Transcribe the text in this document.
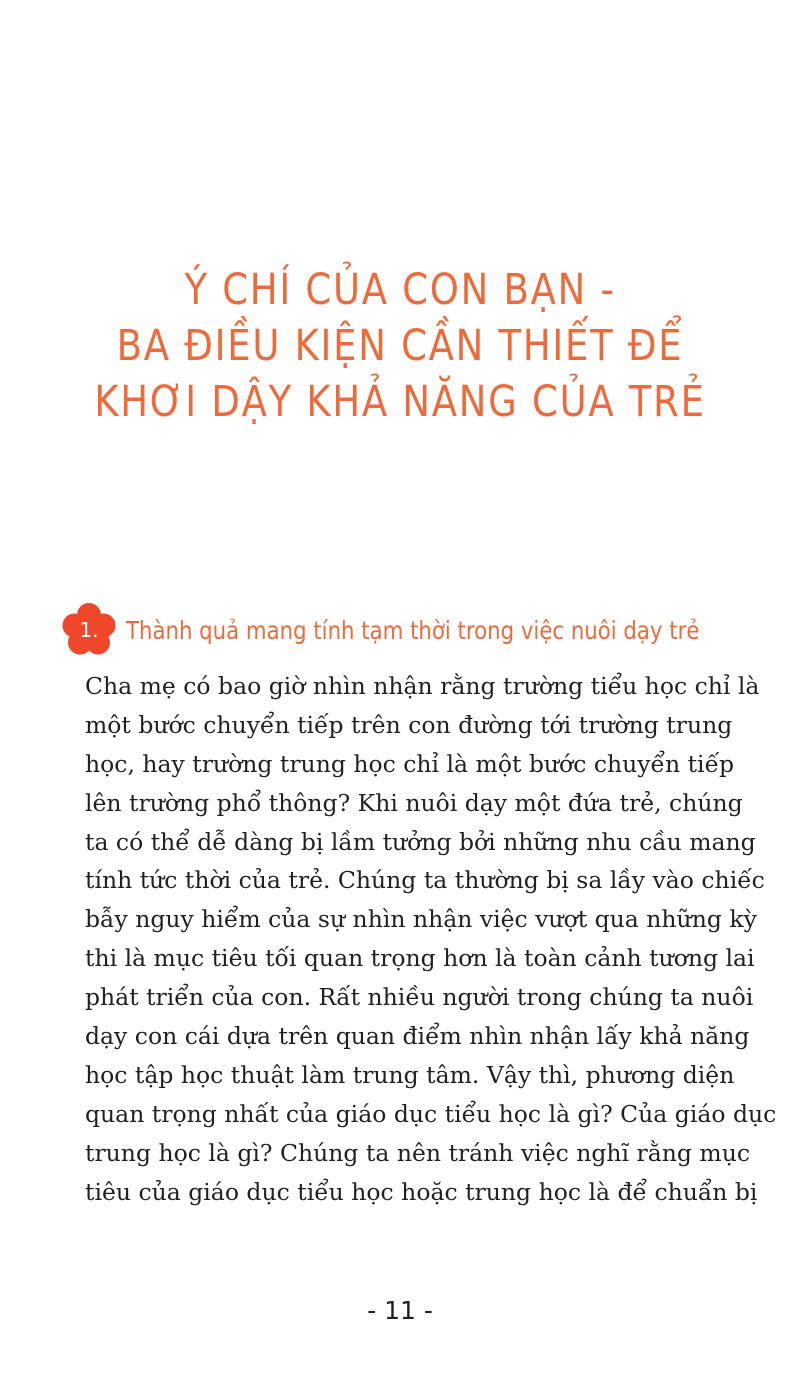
Ý CHÍ CỦA CON BẠN -
BA ĐIỀU KIỆN CẦN THIẾT ĐỂ
KHƠI DẬY KHẢ NĂNG CỦA TRẺ
1.	Thành quả mang tính tạm thời trong việc nuôi dạy trẻ
Cha mẹ có bao giờ nhìn nhận rằng trường tiểu học chỉ là
một bước chuyển tiếp trên con đường tới trường trung
học, hay trường trung học chỉ là một bước chuyển tiếp
lên trường phổ thông? Khi nuôi dạy một đứa trẻ, chúng
ta có thể dễ dàng bị lầm tưởng bởi những nhu cầu mang
tính tức thời của trẻ. Chúng ta thường bị sa lầy vào chiếc
bẫy nguy hiểm của sự nhìn nhận việc vượt qua những kỳ
thi là mục tiêu tối quan trọng hơn là toàn cảnh tương lai
phát triển của con. Rất nhiều người trong chúng ta nuôi
dạy con cái dựa trên quan điểm nhìn nhận lấy khả năng
học tập học thuật làm trung tâm. Vậy thì, phương diện
quan trọng nhất của giáo dục tiểu học là gì? Của giáo dục
trung học là gì? Chúng ta nên tránh việc nghĩ rằng mục
tiêu của giáo dục tiểu học hoặc trung học là để chuẩn bị
- 11 -
